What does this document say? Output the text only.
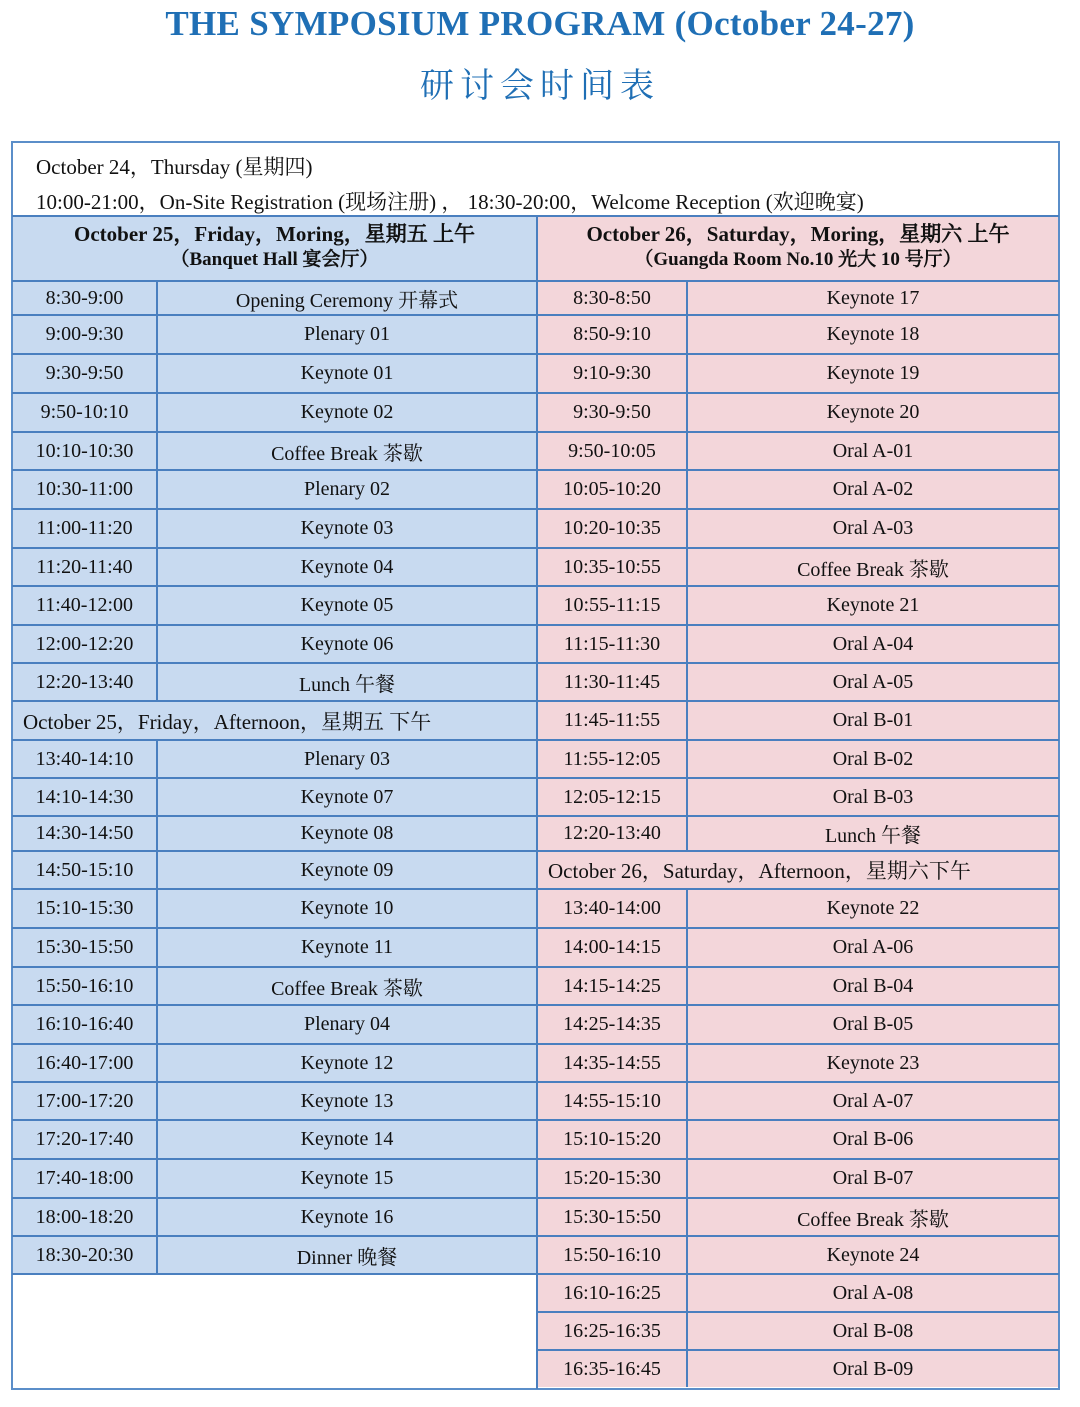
THE SYMPOSIUM PROGRAM (October 24-27)
研讨会时间表
October 24，Thursday (星期四)
10:00-21:00，On-Site Registration (现场注册) ， 18:30-20:00，Welcome Reception (欢迎晚宴)
October 25，Friday，Moring，星期五 上午
（Banquet Hall 宴会厅）
October 26，Saturday，Moring，星期六 上午
（Guangda Room No.10 光大 10 号厅）
8:30-9:00	Opening Ceremony 开幕式
9:00-9:30	Plenary 01
9:30-9:50	Keynote 01
9:50-10:10	Keynote 02
10:10-10:30	Coffee Break 茶歇
10:30-11:00	Plenary 02
11:00-11:20	Keynote 03
11:20-11:40	Keynote 04
11:40-12:00	Keynote 05
12:00-12:20	Keynote 06
12:20-13:40	Lunch 午餐
October 25，Friday，Afternoon，星期五 下午
13:40-14:10	Plenary 03
14:10-14:30	Keynote 07
14:30-14:50	Keynote 08
14:50-15:10	Keynote 09
15:10-15:30	Keynote 10
15:30-15:50	Keynote 11
15:50-16:10	Coffee Break 茶歇
16:10-16:40	Plenary 04
16:40-17:00	Keynote 12
17:00-17:20	Keynote 13
17:20-17:40	Keynote 14
17:40-18:00	Keynote 15
18:00-18:20	Keynote 16
18:30-20:30	Dinner 晚餐
8:30-8:50	Keynote 17
8:50-9:10	Keynote 18
9:10-9:30	Keynote 19
9:30-9:50	Keynote 20
9:50-10:05	Oral A-01
10:05-10:20	Oral A-02
10:20-10:35	Oral A-03
10:35-10:55	Coffee Break 茶歇
10:55-11:15	Keynote 21
11:15-11:30	Oral A-04
11:30-11:45	Oral A-05
11:45-11:55	Oral B-01
11:55-12:05	Oral B-02
12:05-12:15	Oral B-03
12:20-13:40	Lunch 午餐
October 26，Saturday，Afternoon，星期六下午
13:40-14:00	Keynote 22
14:00-14:15	Oral A-06
14:15-14:25	Oral B-04
14:25-14:35	Oral B-05
14:35-14:55	Keynote 23
14:55-15:10	Oral A-07
15:10-15:20	Oral B-06
15:20-15:30	Oral B-07
15:30-15:50	Coffee Break 茶歇
15:50-16:10	Keynote 24
16:10-16:25	Oral A-08
16:25-16:35	Oral B-08
16:35-16:45	Oral B-09
